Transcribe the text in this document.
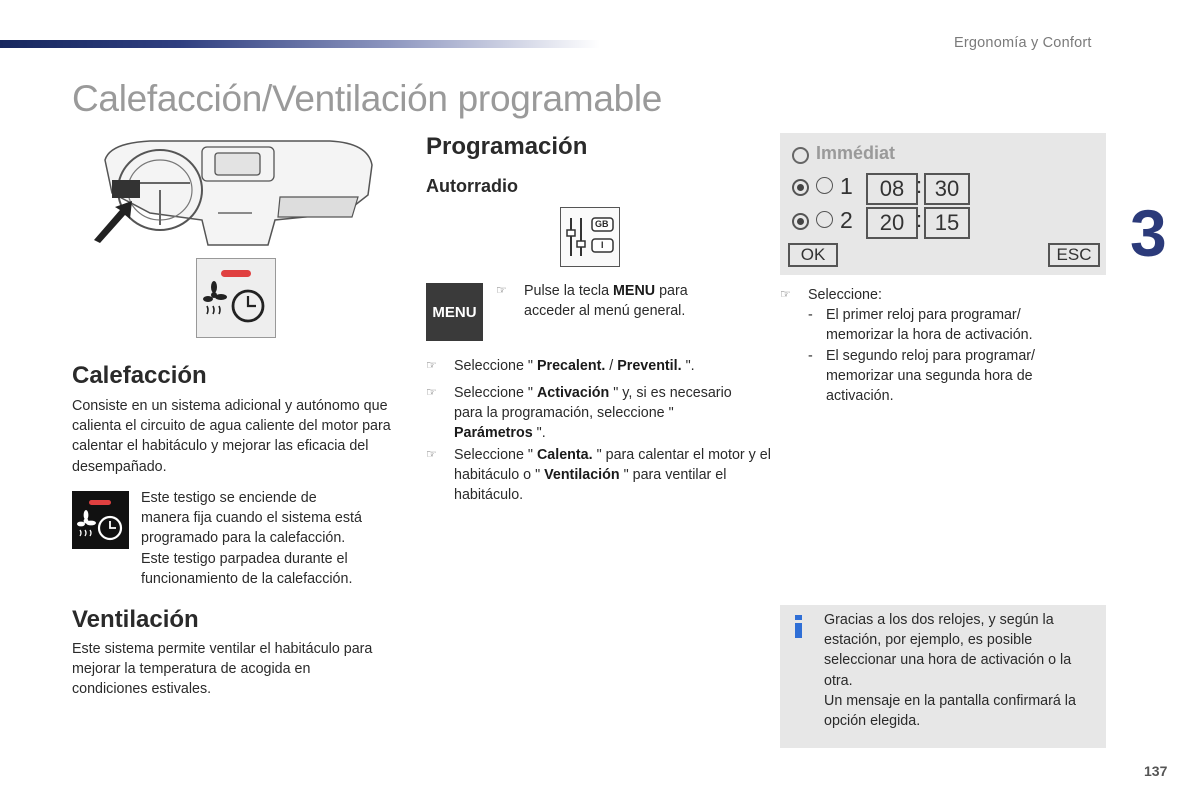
Ergonomía y Confort
Calefacción/Ventilación programable
3
Calefacción
Consiste en un sistema adicional y autónomo que calienta el circuito de agua caliente del motor para calentar el habitáculo y mejorar las eficacia del desempañado.
Este testigo se enciende de
manera fija cuando el sistema está
programado para la calefacción.
Este testigo parpadea durante el
funcionamiento de la calefacción.
Ventilación
Este sistema permite ventilar el habitáculo para mejorar la temperatura de acogida en condiciones estivales.
Programación
Autorradio
GB
I
MENU
☞ Pulse la tecla MENU para acceder al menú general.
☞ Seleccione " Precalent. / Preventil. ".
☞ Seleccione " Activación " y, si es necesario para la programación, seleccione " Parámetros ".
☞ Seleccione " Calenta. " para calentar el motor y el habitáculo o " Ventilación " para ventilar el habitáculo.
Immédiat
1	08 : 30
2	20 : 15
OK	ESC
☞ Seleccione:
- El primer reloj para programar/ memorizar la hora de activación.
- El segundo reloj para programar/ memorizar una segunda hora de activación.
Gracias a los dos relojes, y según la estación, por ejemplo, es posible seleccionar una hora de activación o la otra.
Un mensaje en la pantalla confirmará la opción elegida.
137
